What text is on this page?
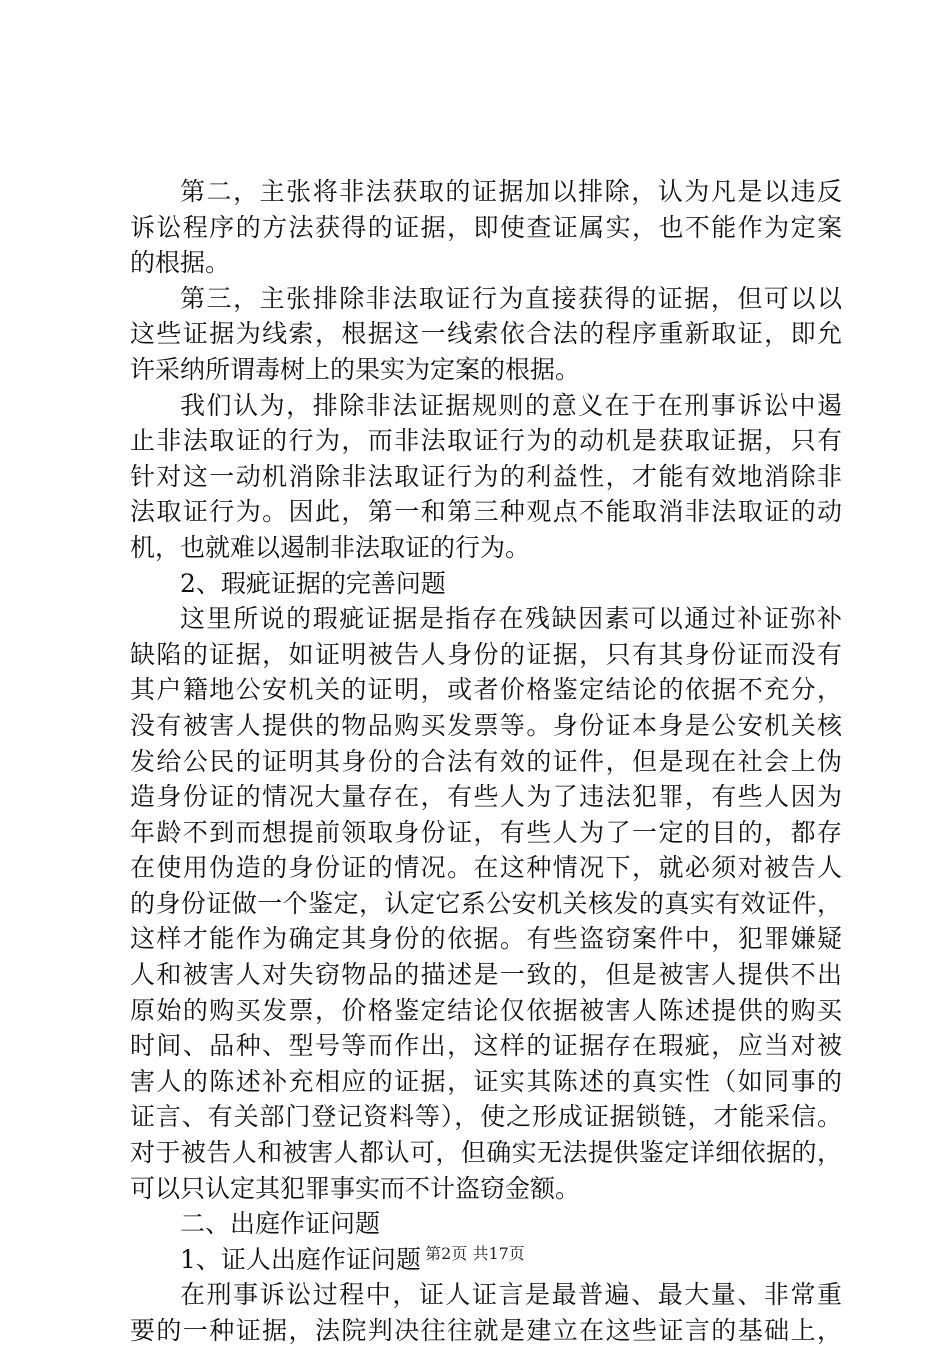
第二，主张将非法获取的证据加以排除，认为凡是以违反
诉讼程序的方法获得的证据，即使查证属实，也不能作为定案
的根据。
第三，主张排除非法取证行为直接获得的证据，但可以以
这些证据为线索，根据这一线索依合法的程序重新取证，即允
许采纳所谓毒树上的果实为定案的根据。
我们认为，排除非法证据规则的意义在于在刑事诉讼中遏
止非法取证的行为，而非法取证行为的动机是获取证据，只有
针对这一动机消除非法取证行为的利益性，才能有效地消除非
法取证行为。因此，第一和第三种观点不能取消非法取证的动
机，也就难以遏制非法取证的行为。
2、瑕疵证据的完善问题
这里所说的瑕疵证据是指存在残缺因素可以通过补证弥补
缺陷的证据，如证明被告人身份的证据，只有其身份证而没有
其户籍地公安机关的证明，或者价格鉴定结论的依据不充分，
没有被害人提供的物品购买发票等。身份证本身是公安机关核
发给公民的证明其身份的合法有效的证件，但是现在社会上伪
造身份证的情况大量存在，有些人为了违法犯罪，有些人因为
年龄不到而想提前领取身份证，有些人为了一定的目的，都存
在使用伪造的身份证的情况。在这种情况下，就必须对被告人
的身份证做一个鉴定，认定它系公安机关核发的真实有效证件，
这样才能作为确定其身份的依据。有些盗窃案件中，犯罪嫌疑
人和被害人对失窃物品的描述是一致的，但是被害人提供不出
原始的购买发票，价格鉴定结论仅依据被害人陈述提供的购买
时间、品种、型号等而作出，这样的证据存在瑕疵，应当对被
害人的陈述补充相应的证据，证实其陈述的真实性（如同事的
证言、有关部门登记资料等），使之形成证据锁链，才能采信。
对于被告人和被害人都认可，但确实无法提供鉴定详细依据的，
可以只认定其犯罪事实而不计盗窃金额。
二、出庭作证问题
1、证人出庭作证问题
在刑事诉讼过程中，证人证言是最普遍、最大量、非常重
要的一种证据，法院判决往往就是建立在这些证言的基础上，
第2页 共17页
